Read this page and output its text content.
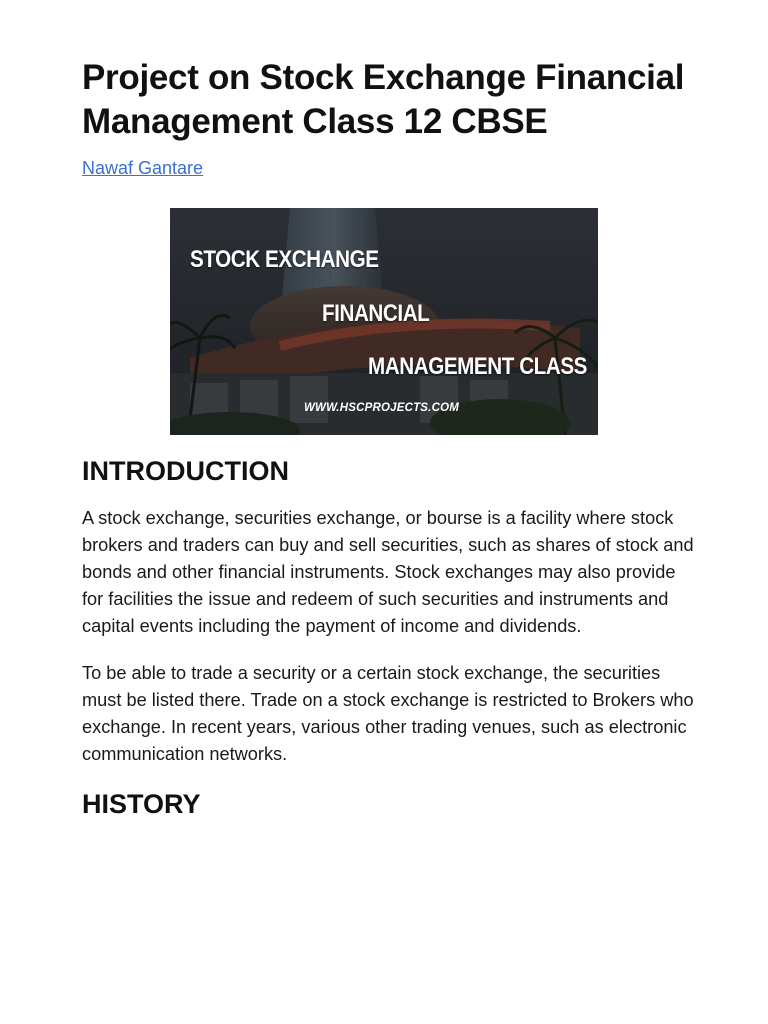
Project on Stock Exchange Financial Management Class 12 CBSE
Nawaf Gantare
STOCK EXCHANGE
FINANCIAL
MANAGEMENT CLASS
WWW.HSCPROJECTS.COM
INTRODUCTION

A stock exchange, securities exchange, or bourse is a facility where stock brokers and traders can buy and sell securities, such as shares of stock and bonds and other financial instruments. Stock exchanges may also provide for facilities the issue and redeem of such securities and instruments and capital events including the payment of income and dividends.

To be able to trade a security or a certain stock exchange, the securities must be listed there. Trade on a stock exchange is restricted to Brokers who exchange. In recent years, various other trading venues, such as electronic communication networks.

HISTORY
